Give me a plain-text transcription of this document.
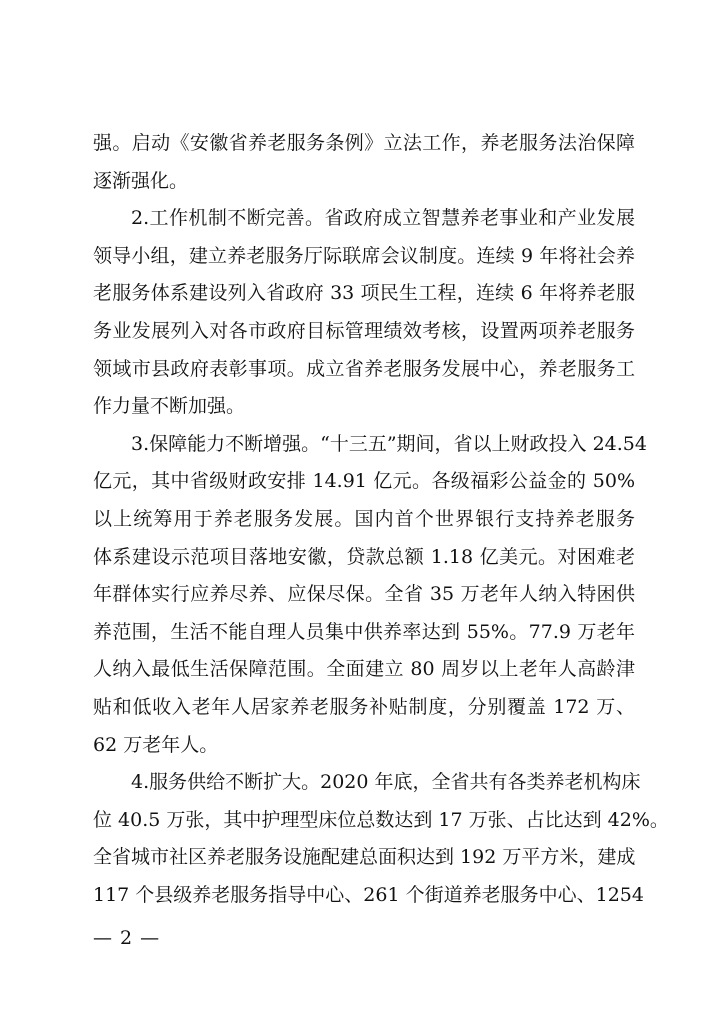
强。启动《安徽省养老服务条例》立法工作，养老服务法治保障
逐渐强化。
2.工作机制不断完善。省政府成立智慧养老事业和产业发展
领导小组，建立养老服务厅际联席会议制度。连续 9 年将社会养
老服务体系建设列入省政府 33 项民生工程，连续 6 年将养老服
务业发展列入对各市政府目标管理绩效考核，设置两项养老服务
领域市县政府表彰事项。成立省养老服务发展中心，养老服务工
作力量不断加强。
3.保障能力不断增强。“十三五”期间，省以上财政投入 24.54
亿元，其中省级财政安排 14.91 亿元。各级福彩公益金的 50%
以上统筹用于养老服务发展。国内首个世界银行支持养老服务
体系建设示范项目落地安徽，贷款总额 1.18 亿美元。对困难老
年群体实行应养尽养、应保尽保。全省 35 万老年人纳入特困供
养范围，生活不能自理人员集中供养率达到 55%。77.9 万老年
人纳入最低生活保障范围。全面建立 80 周岁以上老年人高龄津
贴和低收入老年人居家养老服务补贴制度，分别覆盖 172 万、
62 万老年人。
4.服务供给不断扩大。2020 年底，全省共有各类养老机构床
位 40.5 万张，其中护理型床位总数达到 17 万张、占比达到 42%。
全省城市社区养老服务设施配建总面积达到 192 万平方米，建成
117 个县级养老服务指导中心、261 个街道养老服务中心、1254
— 2 —
